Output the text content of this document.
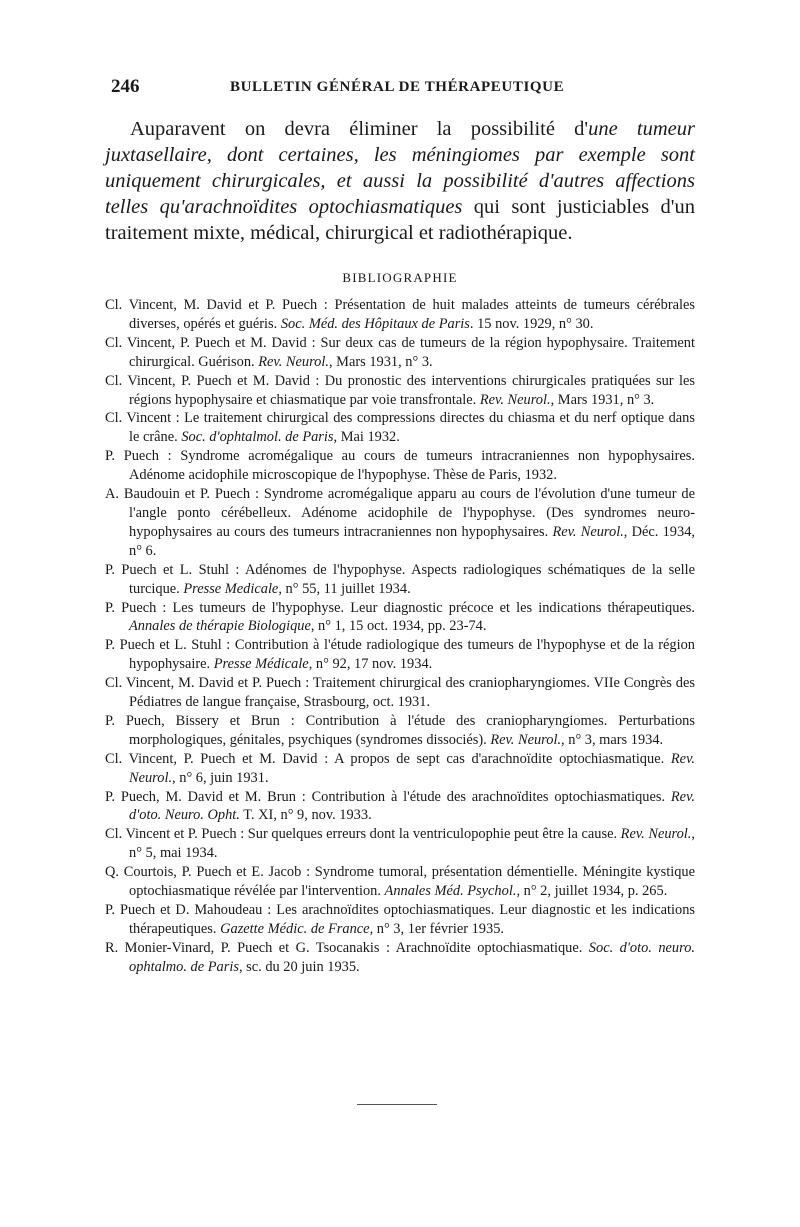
246	BULLETIN GÉNÉRAL DE THÉRAPEUTIQUE

Auparavent on devra éliminer la possibilité d'une tumeur juxtasellaire, dont certaines, les méningiomes par exemple sont uniquement chirurgicales, et aussi la possibilité d'autres affections telles qu'arachnoïdites optochiasmatiques qui sont justiciables d'un traitement mixte, médical, chirurgical et radiothérapique.

BIBLIOGRAPHIE
Cl. Vincent, M. David et P. Puech : Présentation de huit malades atteints de tumeurs cérébrales diverses, opérés et guéris. Soc. Méd. des Hôpitaux de Paris. 15 nov. 1929, n° 30.
Cl. Vincent, P. Puech et M. David : Sur deux cas de tumeurs de la région hypophysaire. Traitement chirurgical. Guérison. Rev. Neurol., Mars 1931, n° 3.
Cl. Vincent, P. Puech et M. David : Du pronostic des interventions chirurgicales pratiquées sur les régions hypophysaire et chiasmatique par voie transfrontale. Rev. Neurol., Mars 1931, n° 3.
Cl. Vincent : Le traitement chirurgical des compressions directes du chiasma et du nerf optique dans le crâne. Soc. d'ophtalmol. de Paris, Mai 1932.
P. Puech : Syndrome acromégalique au cours de tumeurs intracraniennes non hypophysaires. Adénome acidophile microscopique de l'hypophyse. Thèse de Paris, 1932.
A. Baudouin et P. Puech : Syndrome acromégalique apparu au cours de l'évolution d'une tumeur de l'angle ponto cérébelleux. Adénome acidophile de l'hypophyse. (Des syndromes neuro-hypophysaires au cours des tumeurs intracraniennes non hypophysaires. Rev. Neurol., Déc. 1934, n° 6.
P. Puech et L. Stuhl : Adénomes de l'hypophyse. Aspects radiologiques schématiques de la selle turcique. Presse Medicale, n° 55, 11 juillet 1934.
P. Puech : Les tumeurs de l'hypophyse. Leur diagnostic précoce et les indications thérapeutiques. Annales de thérapie Biologique, n° 1, 15 oct. 1934, pp. 23-74.
P. Puech et L. Stuhl : Contribution à l'étude radiologique des tumeurs de l'hypophyse et de la région hypophysaire. Presse Médicale, n° 92, 17 nov. 1934.
Cl. Vincent, M. David et P. Puech : Traitement chirurgical des craniopharyngiomes. VIIe Congrès des Pédiatres de langue française, Strasbourg, oct. 1931.
P. Puech, Bissery et Brun : Contribution à l'étude des craniopharyngiomes. Perturbations morphologiques, génitales, psychiques (syndromes dissociés). Rev. Neurol., n° 3, mars 1934.
Cl. Vincent, P. Puech et M. David : A propos de sept cas d'arachnoïdite optochiasmatique. Rev. Neurol., n° 6, juin 1931.
P. Puech, M. David et M. Brun : Contribution à l'étude des arachnoïdites optochiasmatiques. Rev. d'oto. Neuro. Opht. T. XI, n° 9, nov. 1933.
Cl. Vincent et P. Puech : Sur quelques erreurs dont la ventriculopophie peut être la cause. Rev. Neurol., n° 5, mai 1934.
Q. Courtois, P. Puech et E. Jacob : Syndrome tumoral, présentation démentielle. Méningite kystique optochiasmatique révélée par l'intervention. Annales Méd. Psychol., n° 2, juillet 1934, p. 265.
P. Puech et D. Mahoudeau : Les arachnoïdites optochiasmatiques. Leur diagnostic et les indications thérapeutiques. Gazette Médic. de France, n° 3, 1er février 1935.
R. Monier-Vinard, P. Puech et G. Tsocanakis : Arachnoïdite optochiasmatique. Soc. d'oto. neuro. ophtalmo. de Paris, sc. du 20 juin 1935.
